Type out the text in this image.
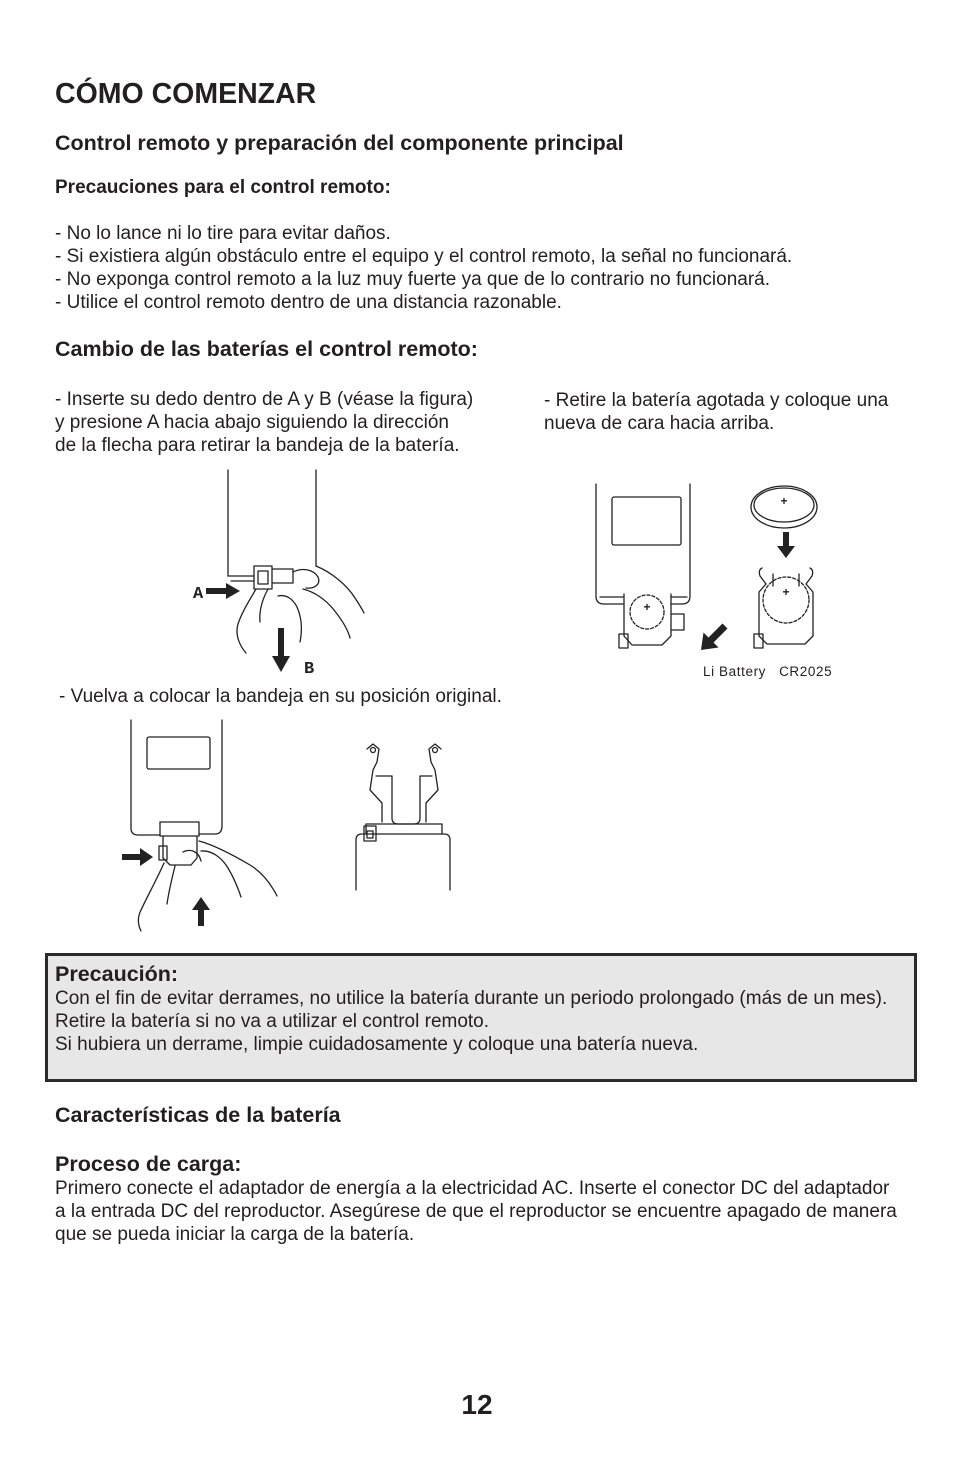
CÓMO COMENZAR
Control remoto y preparación del componente principal
Precauciones para el control remoto:
- No lo lance ni lo tire para evitar daños.
- Si existiera algún obstáculo entre el equipo y el control remoto, la señal no funcionará.
- No exponga control remoto a la luz muy fuerte ya que de lo contrario no funcionará.
- Utilice el control remoto dentro de una distancia razonable.
Cambio de las baterías el control remoto:
- Inserte su dedo dentro de A y B (véase la figura)
y presione A hacia abajo siguiendo la dirección
de la flecha para retirar la bandeja de la batería.
- Retire la batería agotada y coloque una
nueva de cara hacia arriba.
A
B
+
+
+
Li Battery   CR2025
- Vuelva a colocar la bandeja en su posición original.
Precaución:
Con el fin de evitar derrames, no utilice la batería durante un periodo prolongado (más de un mes).
Retire la batería si no va a utilizar el control remoto.
Si hubiera un derrame, limpie cuidadosamente y coloque una batería nueva.
Características de la batería
Proceso de carga:
Primero conecte el adaptador de energía a la electricidad AC. Inserte el conector DC del adaptador
a la entrada DC del reproductor. Asegúrese de que el reproductor se encuentre apagado de manera
que se pueda iniciar la carga de la batería.
12
